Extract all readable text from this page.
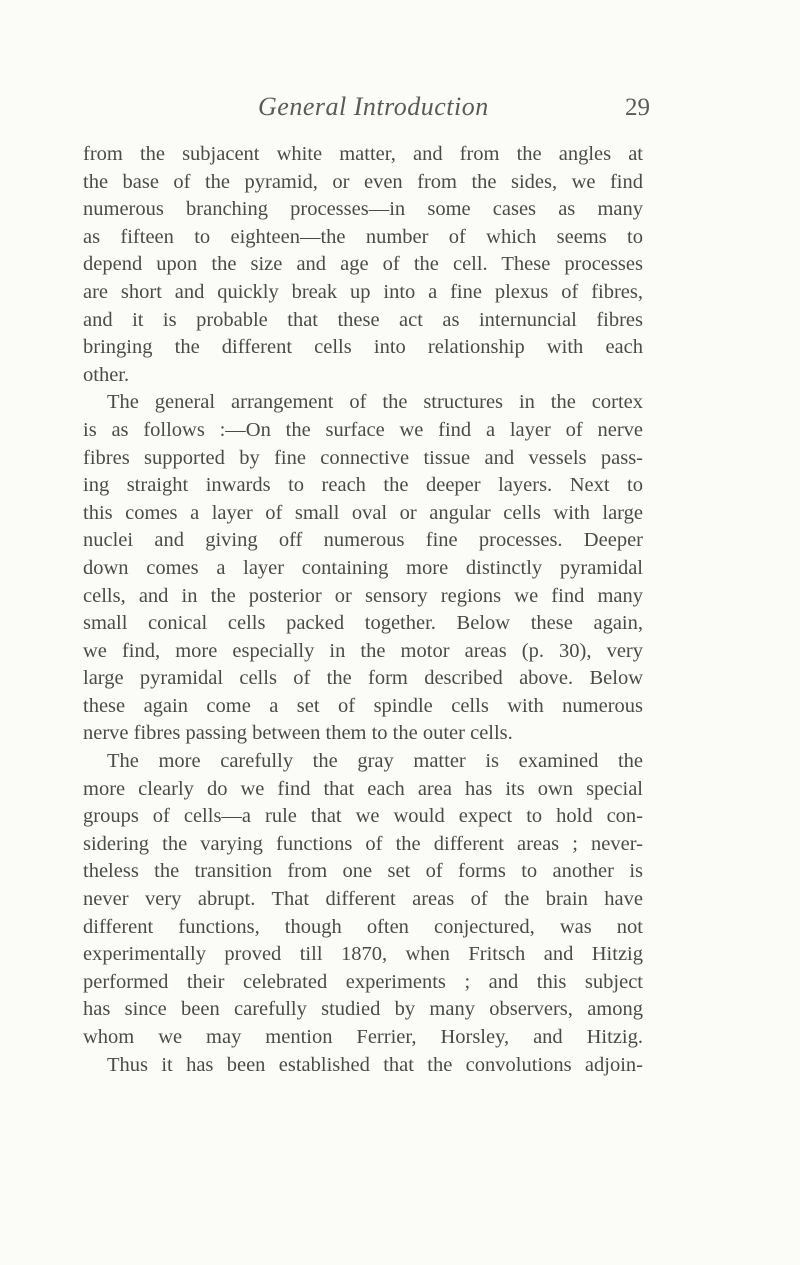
General Introduction	29
from the subjacent white matter, and from the angles at
the base of the pyramid, or even from the sides, we find
numerous branching processes—in some cases as many
as fifteen to eighteen—the number of which seems to
depend upon the size and age of the cell. These processes
are short and quickly break up into a fine plexus of fibres,
and it is probable that these act as internuncial fibres
bringing the different cells into relationship with each
other.
The general arrangement of the structures in the cortex
is as follows :—On the surface we find a layer of nerve
fibres supported by fine connective tissue and vessels pass-
ing straight inwards to reach the deeper layers. Next to
this comes a layer of small oval or angular cells with large
nuclei and giving off numerous fine processes. Deeper
down comes a layer containing more distinctly pyramidal
cells, and in the posterior or sensory regions we find many
small conical cells packed together. Below these again,
we find, more especially in the motor areas (p. 30), very
large pyramidal cells of the form described above. Below
these again come a set of spindle cells with numerous
nerve fibres passing between them to the outer cells.
The more carefully the gray matter is examined the
more clearly do we find that each area has its own special
groups of cells—a rule that we would expect to hold con-
sidering the varying functions of the different areas ; never-
theless the transition from one set of forms to another is
never very abrupt. That different areas of the brain have
different functions, though often conjectured, was not
experimentally proved till 1870, when Fritsch and Hitzig
performed their celebrated experiments ; and this subject
has since been carefully studied by many observers, among
whom we may mention Ferrier, Horsley, and Hitzig.
Thus it has been established that the convolutions adjoin-
